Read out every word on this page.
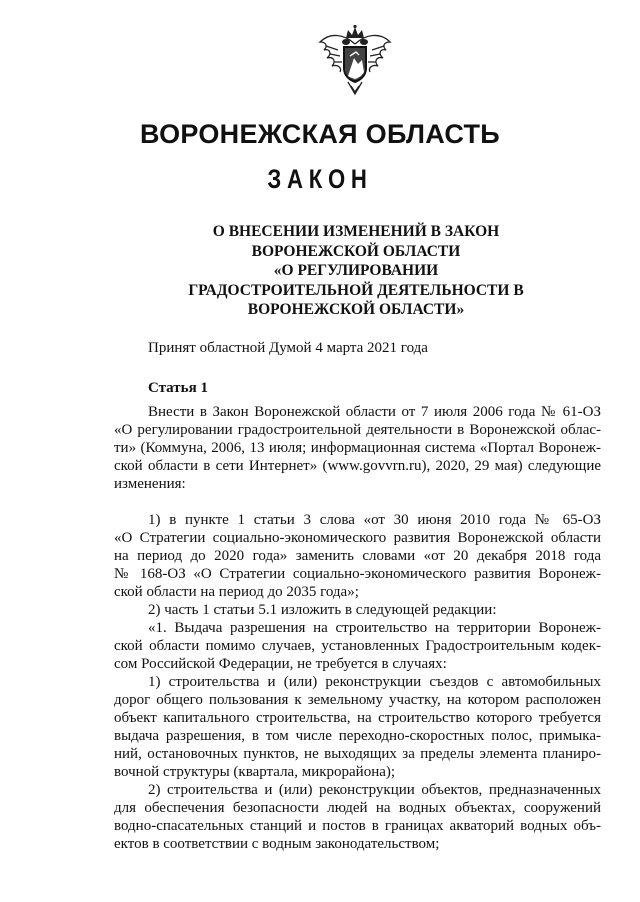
ВОРОНЕЖСКАЯ ОБЛАСТЬ
ЗАКОН
О ВНЕСЕНИИ ИЗМЕНЕНИЙ В ЗАКОН
ВОРОНЕЖСКОЙ ОБЛАСТИ
«О РЕГУЛИРОВАНИИ
ГРАДОСТРОИТЕЛЬНОЙ ДЕЯТЕЛЬНОСТИ В
ВОРОНЕЖСКОЙ ОБЛАСТИ»
Принят областной Думой 4 марта 2021 года
Статья 1
Внести в Закон Воронежской области от 7 июля 2006 года № 61-ОЗ
«О регулировании градостроительной деятельности в Воронежской облас-
ти» (Коммуна, 2006, 13 июля; информационная система «Портал Воронеж-
ской области в сети Интернет» (www.govvrn.ru), 2020, 29 мая) следующие
изменения:
1) в пункте 1 статьи 3 слова «от 30 июня 2010 года № 65-ОЗ
«О Стратегии социально-экономического развития Воронежской области
на период до 2020 года» заменить словами «от 20 декабря 2018 года
№ 168-ОЗ «О Стратегии социально-экономического развития Воронеж-
ской области на период до 2035 года»;
2) часть 1 статьи 5.1 изложить в следующей редакции:
«1. Выдача разрешения на строительство на территории Воронеж-
ской области помимо случаев, установленных Градостроительным кодек-
сом Российской Федерации, не требуется в случаях:
1) строительства и (или) реконструкции съездов с автомобильных
дорог общего пользования к земельному участку, на котором расположен
объект капитального строительства, на строительство которого требуется
выдача разрешения, в том числе переходно-скоростных полос, примыка-
ний, остановочных пунктов, не выходящих за пределы элемента планиро-
вочной структуры (квартала, микрорайона);
2) строительства и (или) реконструкции объектов, предназначенных
для обеспечения безопасности людей на водных объектах, сооружений
водно-спасательных станций и постов в границах акваторий водных объ-
ектов в соответствии с водным законодательством;
